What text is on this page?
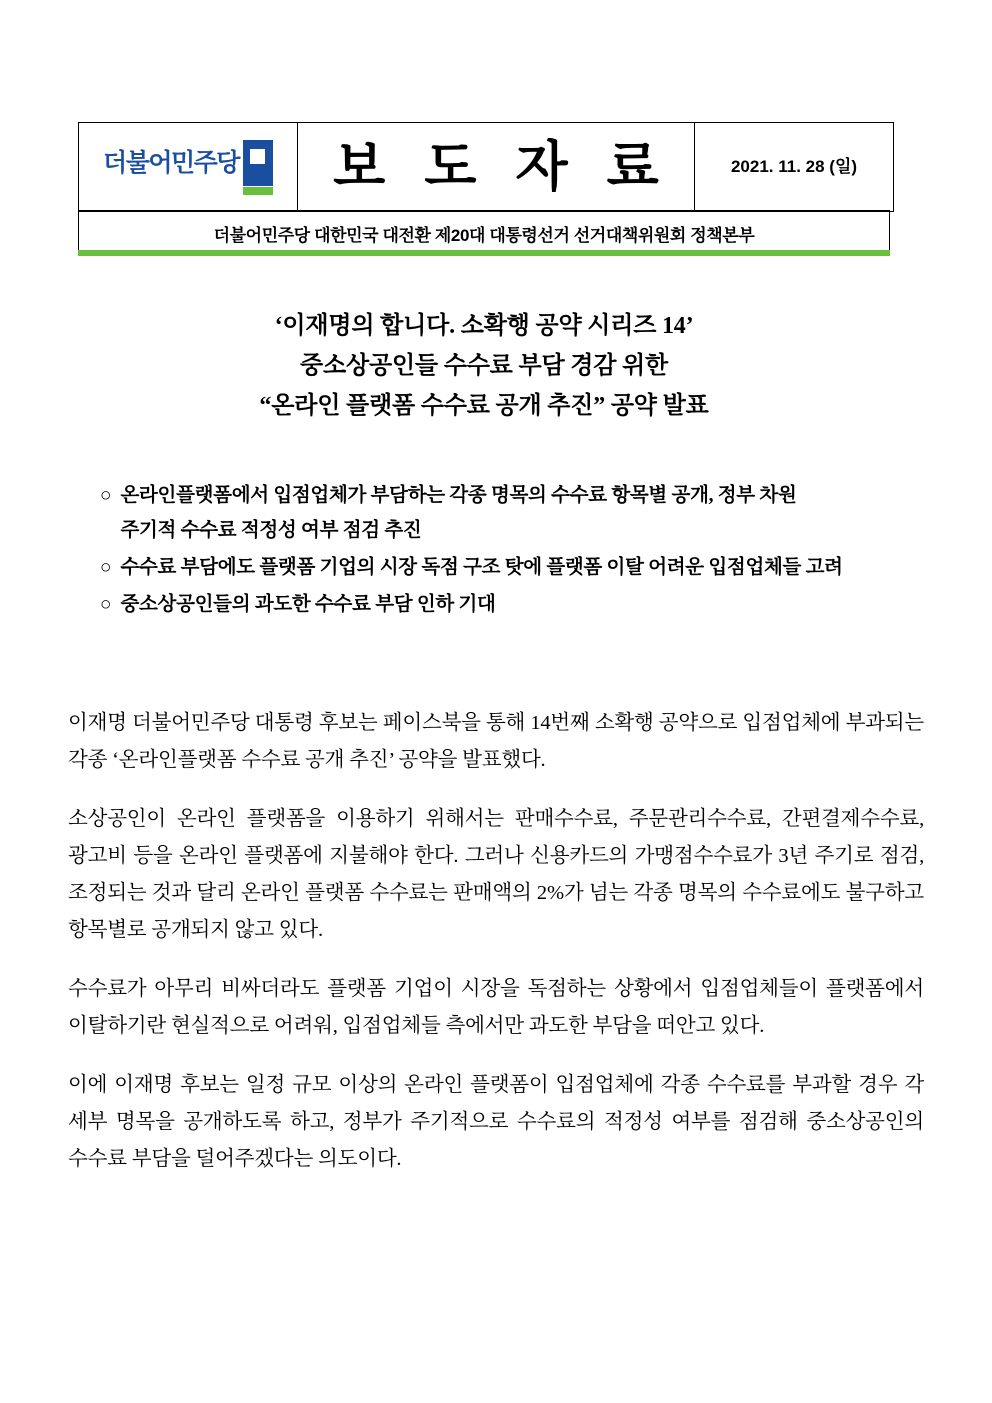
더불어민주당	보 도 자 료	2021. 11. 28 (일)
더불어민주당 대한민국 대전환 제20대 대통령선거 선거대책위원회 정책본부
‘이재명의 합니다. 소확행 공약 시리즈 14’
중소상공인들 수수료 부담 경감 위한
“온라인 플랫폼 수수료 공개 추진” 공약 발표
○ 온라인플랫폼에서 입점업체가 부담하는 각종 명목의 수수료 항목별 공개, 정부 차원
주기적 수수료 적정성 여부 점검 추진
○ 수수료 부담에도 플랫폼 기업의 시장 독점 구조 탓에 플랫폼 이탈 어려운 입점업체들 고려
○ 중소상공인들의 과도한 수수료 부담 인하 기대

이재명 더불어민주당 대통령 후보는 페이스북을 통해 14번째 소확행 공약으로 입점업체에 부과되는 각종 ‘온라인플랫폼 수수료 공개 추진’ 공약을 발표했다.

소상공인이 온라인 플랫폼을 이용하기 위해서는 판매수수료, 주문관리수수료, 간편결제수수료, 광고비 등을 온라인 플랫폼에 지불해야 한다. 그러나 신용카드의 가맹점수수료가 3년 주기로 점검, 조정되는 것과 달리 온라인 플랫폼 수수료는 판매액의 2%가 넘는 각종 명목의 수수료에도 불구하고 항목별로 공개되지 않고 있다.

수수료가 아무리 비싸더라도 플랫폼 기업이 시장을 독점하는 상황에서 입점업체들이 플랫폼에서 이탈하기란 현실적으로 어려워, 입점업체들 측에서만 과도한 부담을 떠안고 있다.

이에 이재명 후보는 일정 규모 이상의 온라인 플랫폼이 입점업체에 각종 수수료를 부과할 경우 각 세부 명목을 공개하도록 하고, 정부가 주기적으로 수수료의 적정성 여부를 점검해 중소상공인의 수수료 부담을 덜어주겠다는 의도이다.
